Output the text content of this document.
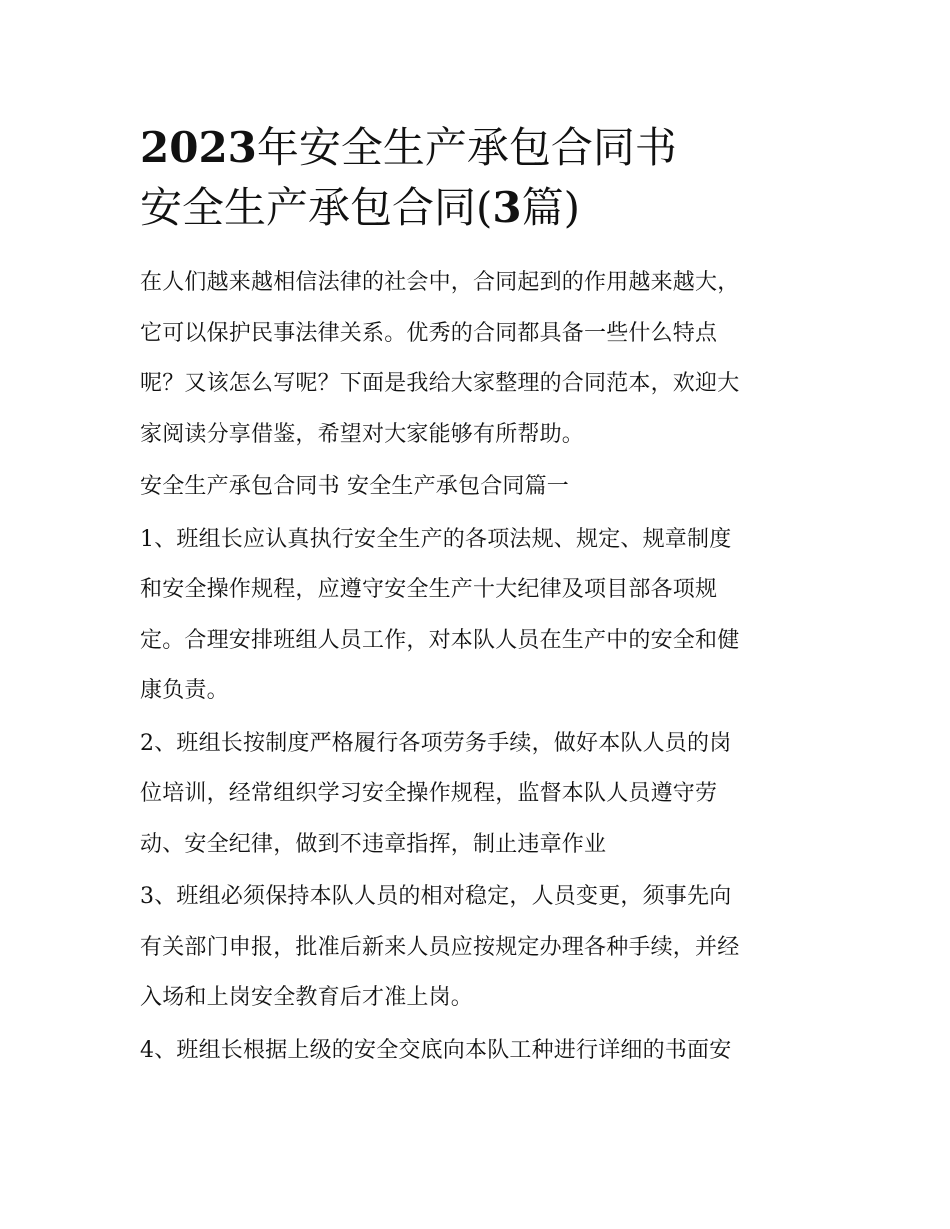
2023年安全生产承包合同书
安全生产承包合同(3篇)

在人们越来越相信法律的社会中，合同起到的作用越来越大，
它可以保护民事法律关系。优秀的合同都具备一些什么特点
呢？又该怎么写呢？下面是我给大家整理的合同范本，欢迎大
家阅读分享借鉴，希望对大家能够有所帮助。

安全生产承包合同书 安全生产承包合同篇一

1、班组长应认真执行安全生产的各项法规、规定、规章制度
和安全操作规程，应遵守安全生产十大纪律及项目部各项规
定。合理安排班组人员工作，对本队人员在生产中的安全和健
康负责。

2、班组长按制度严格履行各项劳务手续，做好本队人员的岗
位培训，经常组织学习安全操作规程，监督本队人员遵守劳
动、安全纪律，做到不违章指挥，制止违章作业

3、班组必须保持本队人员的相对稳定，人员变更，须事先向
有关部门申报，批准后新来人员应按规定办理各种手续，并经
入场和上岗安全教育后才准上岗。

4、班组长根据上级的安全交底向本队工种进行详细的书面安
